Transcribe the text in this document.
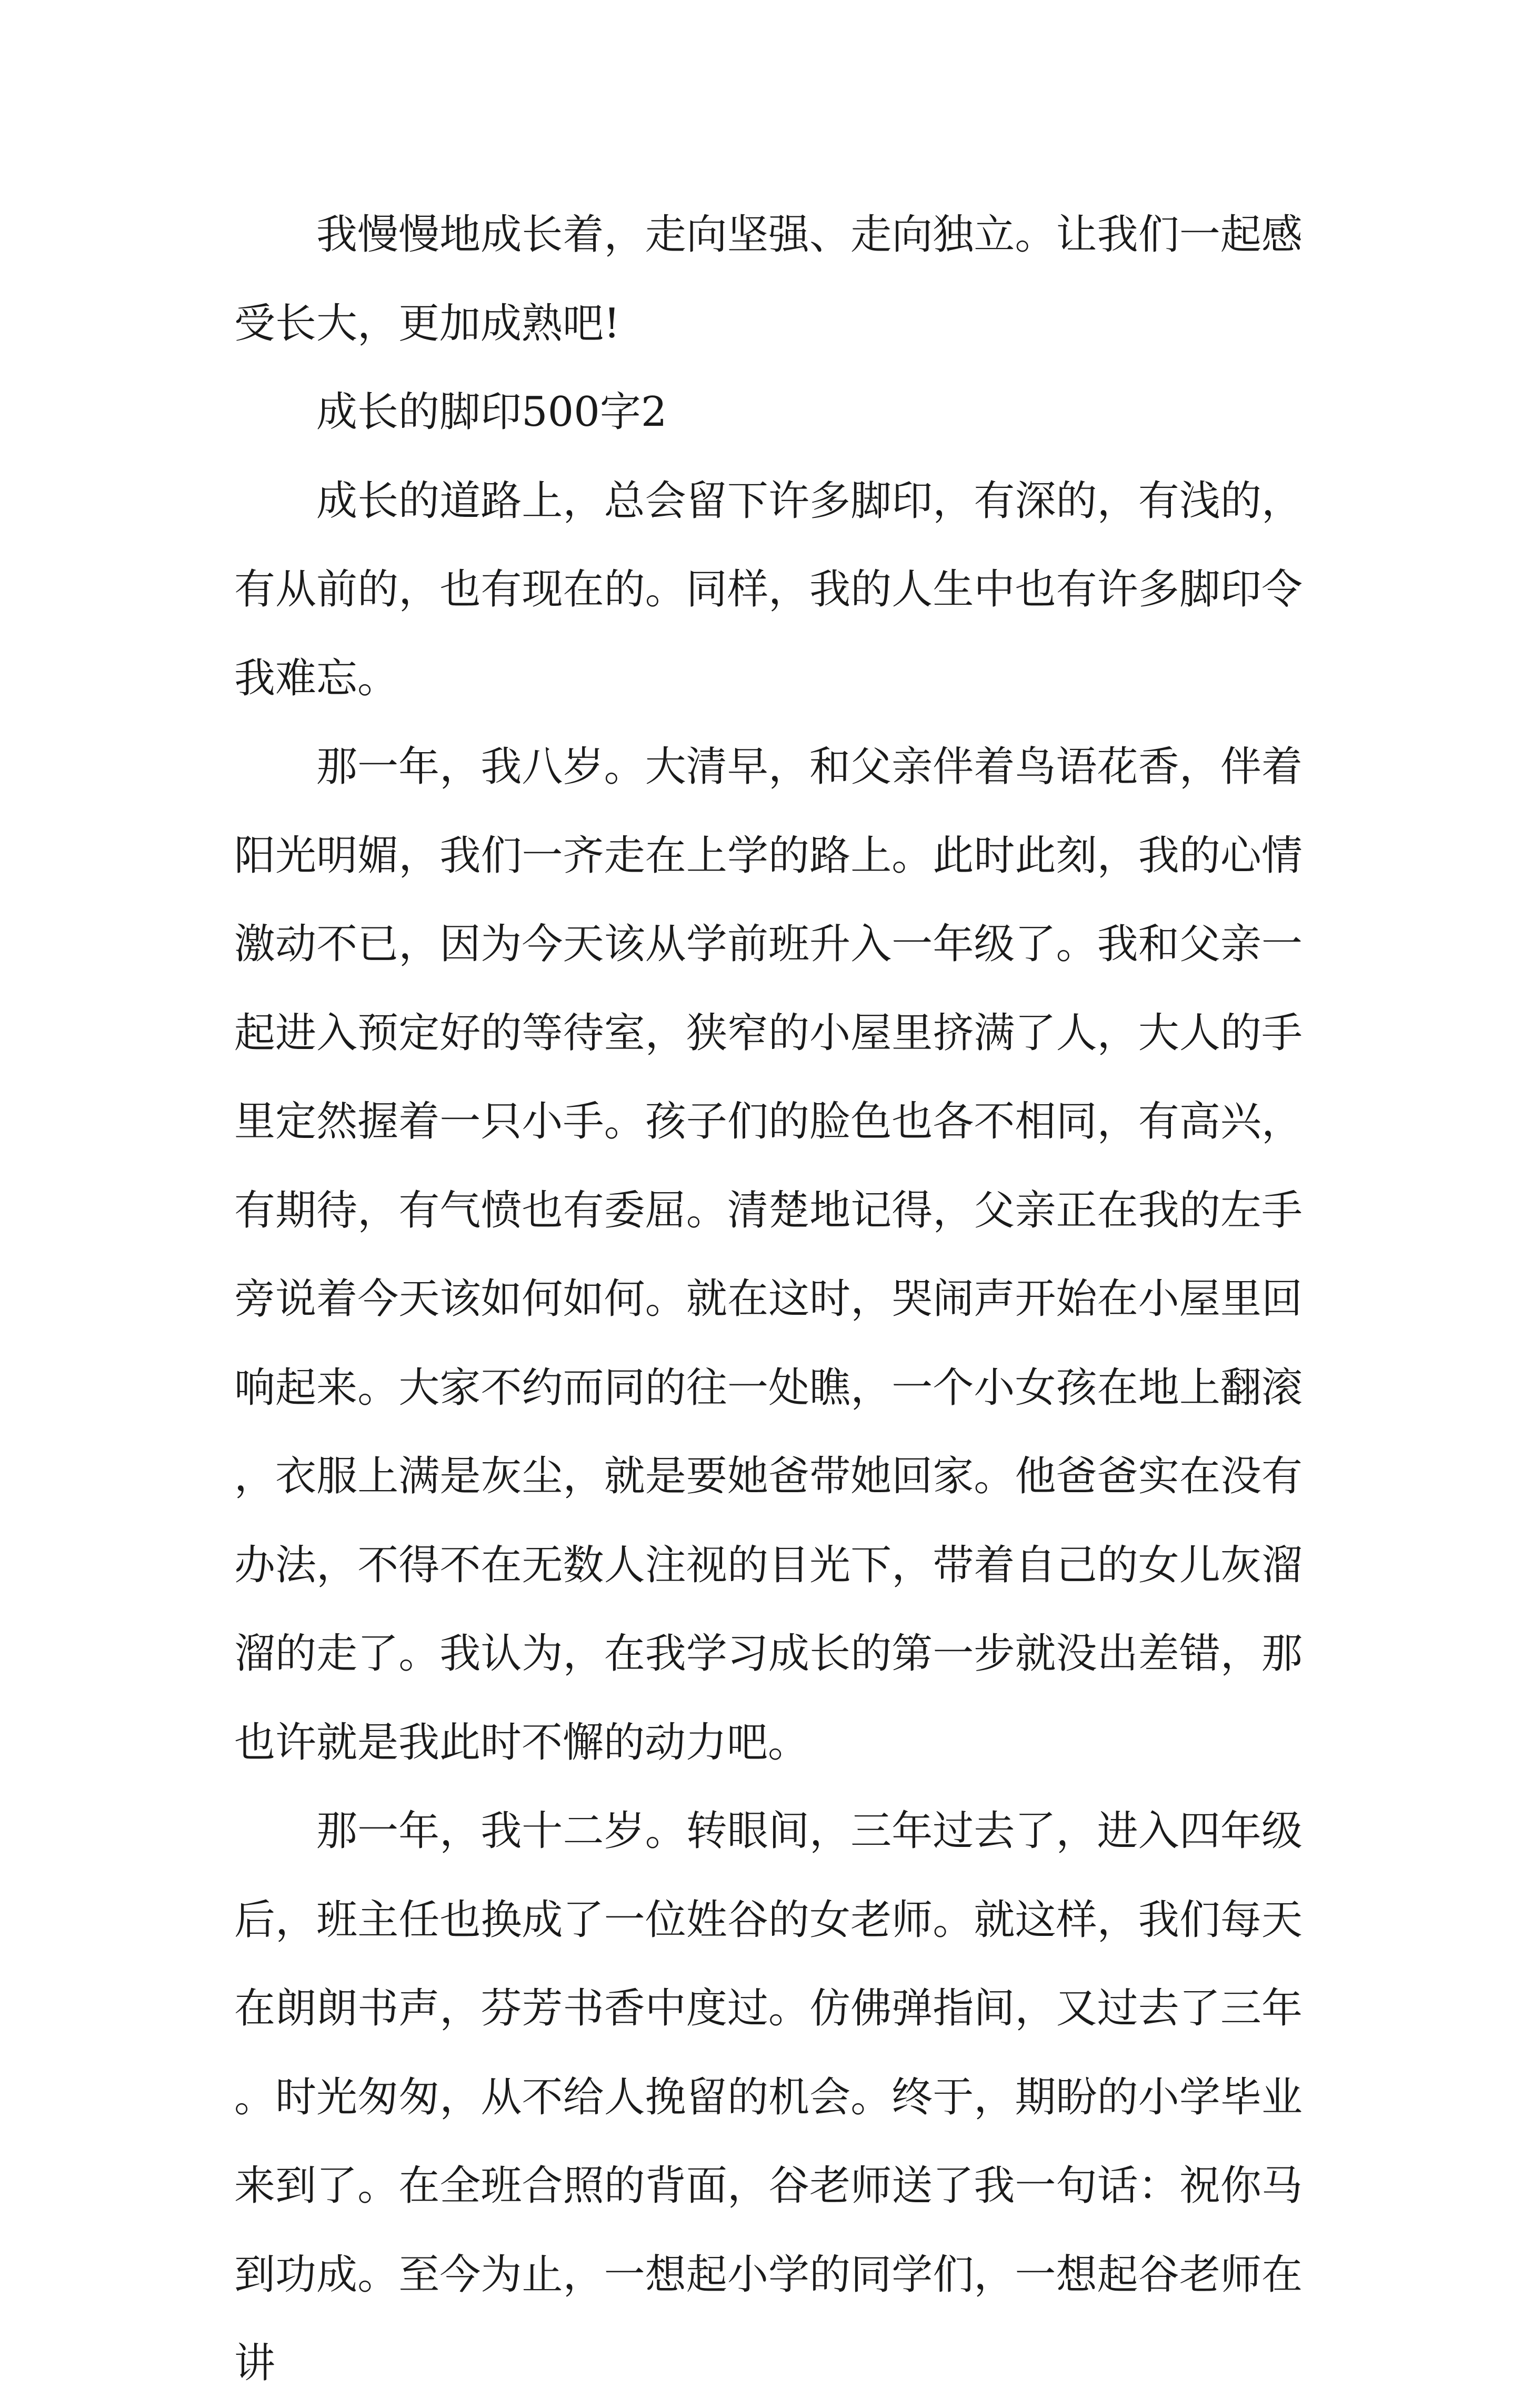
我慢慢地成长着，走向坚强、走向独立。让我们一起感受长大，更加成熟吧!

成长的脚印500字2

成长的道路上，总会留下许多脚印，有深的，有浅的，有从前的，也有现在的。同样，我的人生中也有许多脚印令我难忘。

那一年，我八岁。大清早，和父亲伴着鸟语花香，伴着阳光明媚，我们一齐走在上学的路上。此时此刻，我的心情激动不已，因为今天该从学前班升入一年级了。我和父亲一起进入预定好的等待室，狭窄的小屋里挤满了人，大人的手里定然握着一只小手。孩子们的脸色也各不相同，有高兴，有期待，有气愤也有委屈。清楚地记得，父亲正在我的左手旁说着今天该如何如何。就在这时，哭闹声开始在小屋里回响起来。大家不约而同的往一处瞧，一个小女孩在地上翻滚，衣服上满是灰尘，就是要她爸带她回家。他爸爸实在没有办法，不得不在无数人注视的目光下，带着自己的女儿灰溜溜的走了。我认为，在我学习成长的第一步就没出差错，那也许就是我此时不懈的动力吧。

那一年，我十二岁。转眼间，三年过去了，进入四年级后，班主任也换成了一位姓谷的女老师。就这样，我们每天在朗朗书声，芬芳书香中度过。仿佛弹指间，又过去了三年。时光匆匆，从不给人挽留的机会。终于，期盼的小学毕业来到了。在全班合照的背面，谷老师送了我一句话：祝你马到功成。至今为止，一想起小学的同学们，一想起谷老师在讲
